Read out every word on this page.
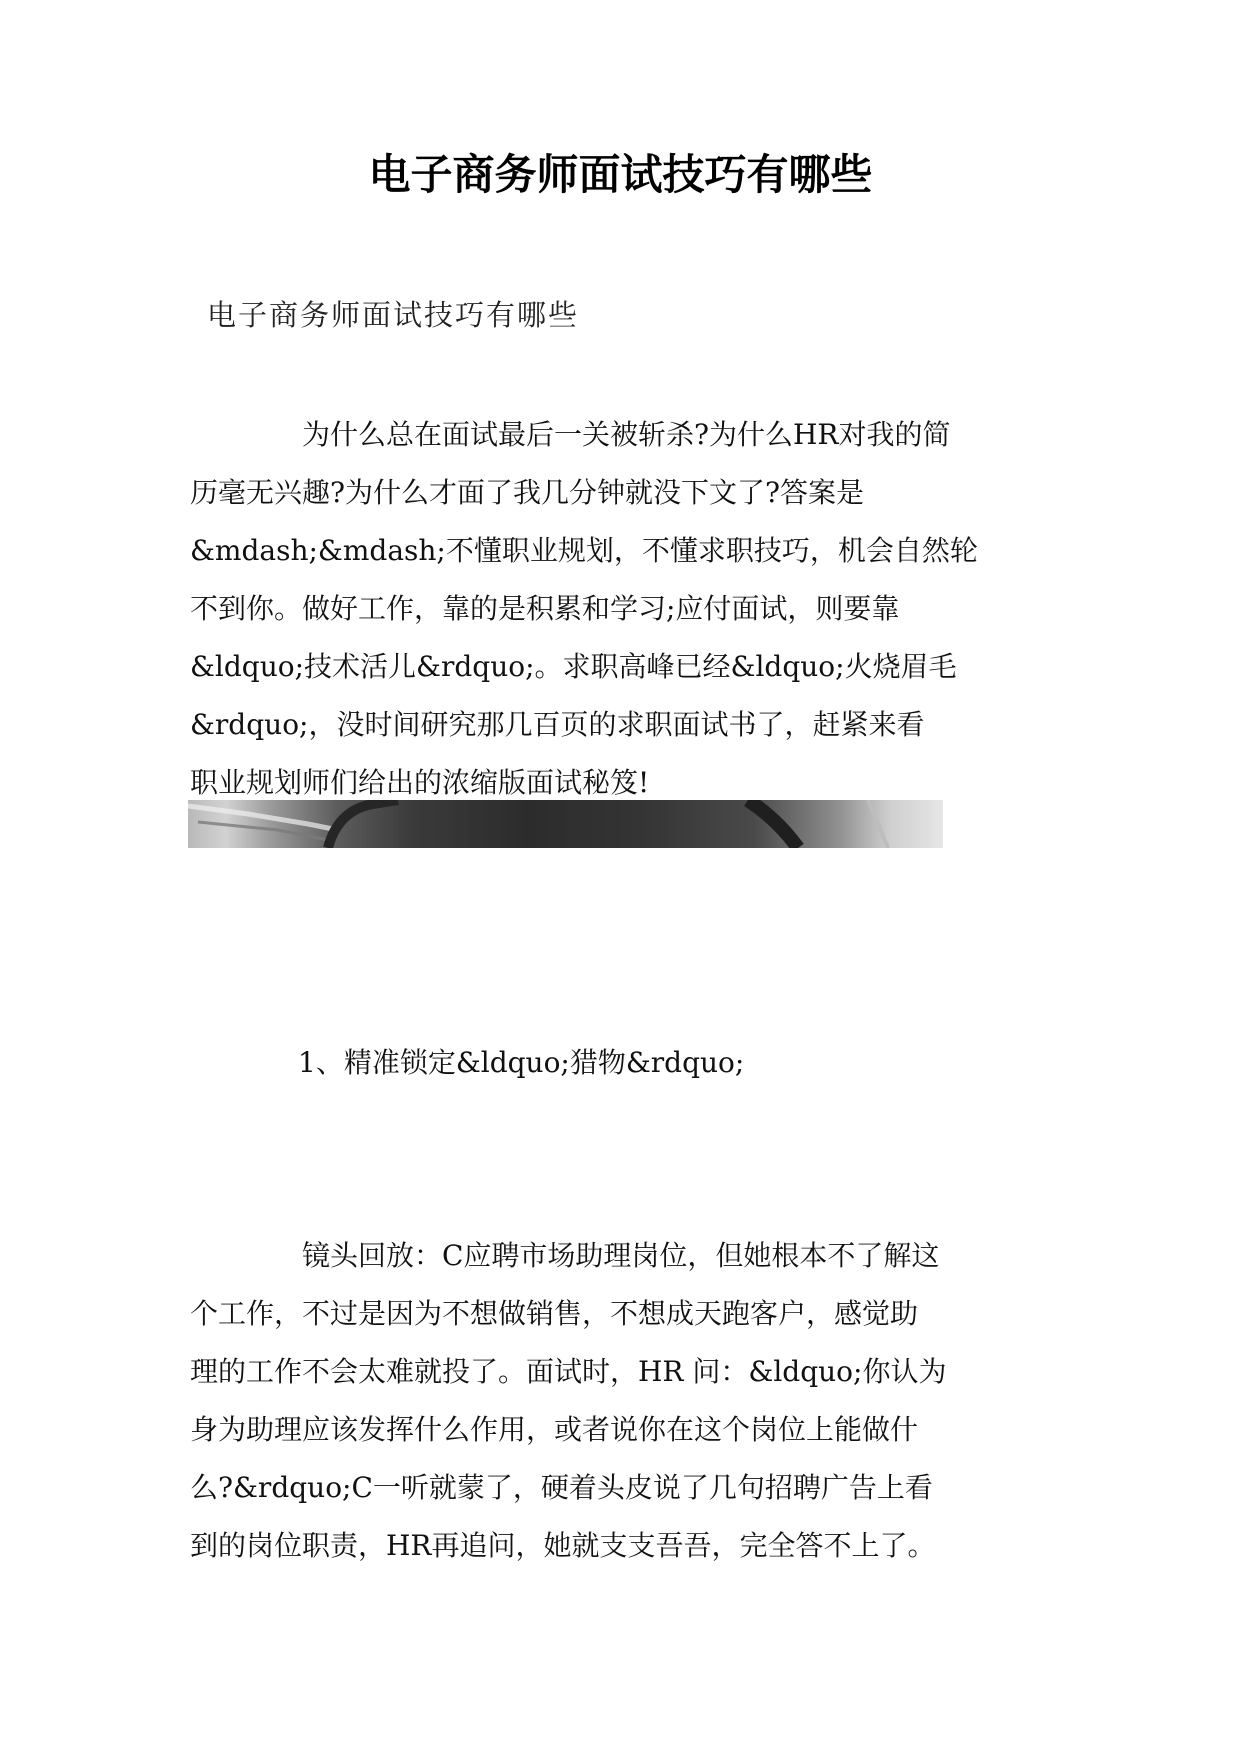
电子商务师面试技巧有哪些
电子商务师面试技巧有哪些
　　　　为什么总在面试最后一关被斩杀?为什么HR对我的简
历毫无兴趣?为什么才面了我几分钟就没下文了?答案是
&mdash;&mdash;不懂职业规划，不懂求职技巧，机会自然轮
不到你。做好工作，靠的是积累和学习;应付面试，则要靠
&ldquo;技术活儿&rdquo;。求职高峰已经&ldquo;火烧眉毛
&rdquo;，没时间研究那几百页的求职面试书了，赶紧来看
职业规划师们给出的浓缩版面试秘笈!
1、精准锁定&ldquo;猎物&rdquo;
　　　　镜头回放：C应聘市场助理岗位，但她根本不了解这
个工作，不过是因为不想做销售，不想成天跑客户，感觉助
理的工作不会太难就投了。面试时，HR 问：&ldquo;你认为
身为助理应该发挥什么作用，或者说你在这个岗位上能做什
么?&rdquo;C一听就蒙了，硬着头皮说了几句招聘广告上看
到的岗位职责，HR再追问，她就支支吾吾，完全答不上了。
